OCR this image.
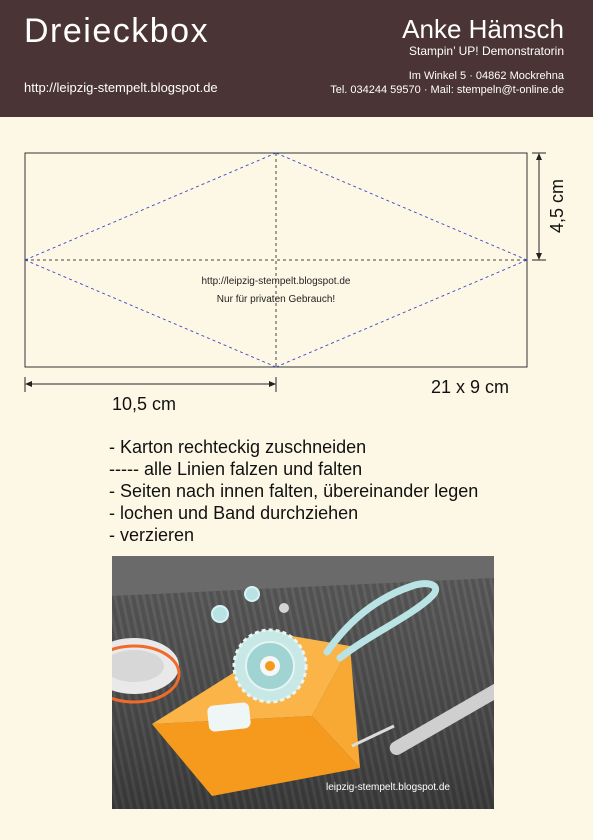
Dreieckbox
http://leipzig-stempelt.blogspot.de
Anke Hämsch
Stampin’ UP! Demonstratorin
Im Winkel 5 · 04862 Mockrehna
Tel. 034244 59570 · Mail: stempeln@t-online.de
http://leipzig-stempelt.blogspot.de
Nur für privaten Gebrauch!
4,5 cm
10,5 cm
21 x 9 cm
- Karton rechteckig zuschneiden
----- alle Linien falzen und falten
- Seiten nach innen falten, übereinander legen
- lochen und Band durchziehen
- verzieren
leipzig-stempelt.blogspot.de
